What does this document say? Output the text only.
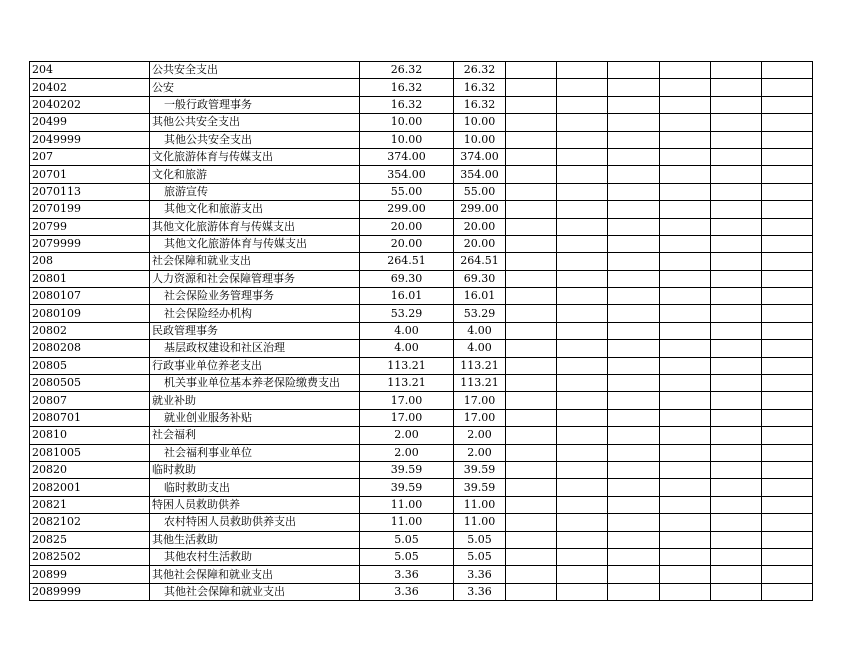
204	公共安全支出	26.32	26.32						
20402	公安	16.32	16.32						
2040202	一般行政管理事务	16.32	16.32						
20499	其他公共安全支出	10.00	10.00						
2049999	其他公共安全支出	10.00	10.00						
207	文化旅游体育与传媒支出	374.00	374.00						
20701	文化和旅游	354.00	354.00						
2070113	旅游宣传	55.00	55.00						
2070199	其他文化和旅游支出	299.00	299.00						
20799	其他文化旅游体育与传媒支出	20.00	20.00						
2079999	其他文化旅游体育与传媒支出	20.00	20.00						
208	社会保障和就业支出	264.51	264.51						
20801	人力资源和社会保障管理事务	69.30	69.30						
2080107	社会保险业务管理事务	16.01	16.01						
2080109	社会保险经办机构	53.29	53.29						
20802	民政管理事务	4.00	4.00						
2080208	基层政权建设和社区治理	4.00	4.00						
20805	行政事业单位养老支出	113.21	113.21						
2080505	机关事业单位基本养老保险缴费支出	113.21	113.21						
20807	就业补助	17.00	17.00						
2080701	就业创业服务补贴	17.00	17.00						
20810	社会福利	2.00	2.00						
2081005	社会福利事业单位	2.00	2.00						
20820	临时救助	39.59	39.59						
2082001	临时救助支出	39.59	39.59						
20821	特困人员救助供养	11.00	11.00						
2082102	农村特困人员救助供养支出	11.00	11.00						
20825	其他生活救助	5.05	5.05						
2082502	其他农村生活救助	5.05	5.05						
20899	其他社会保障和就业支出	3.36	3.36						
2089999	其他社会保障和就业支出	3.36	3.36						
